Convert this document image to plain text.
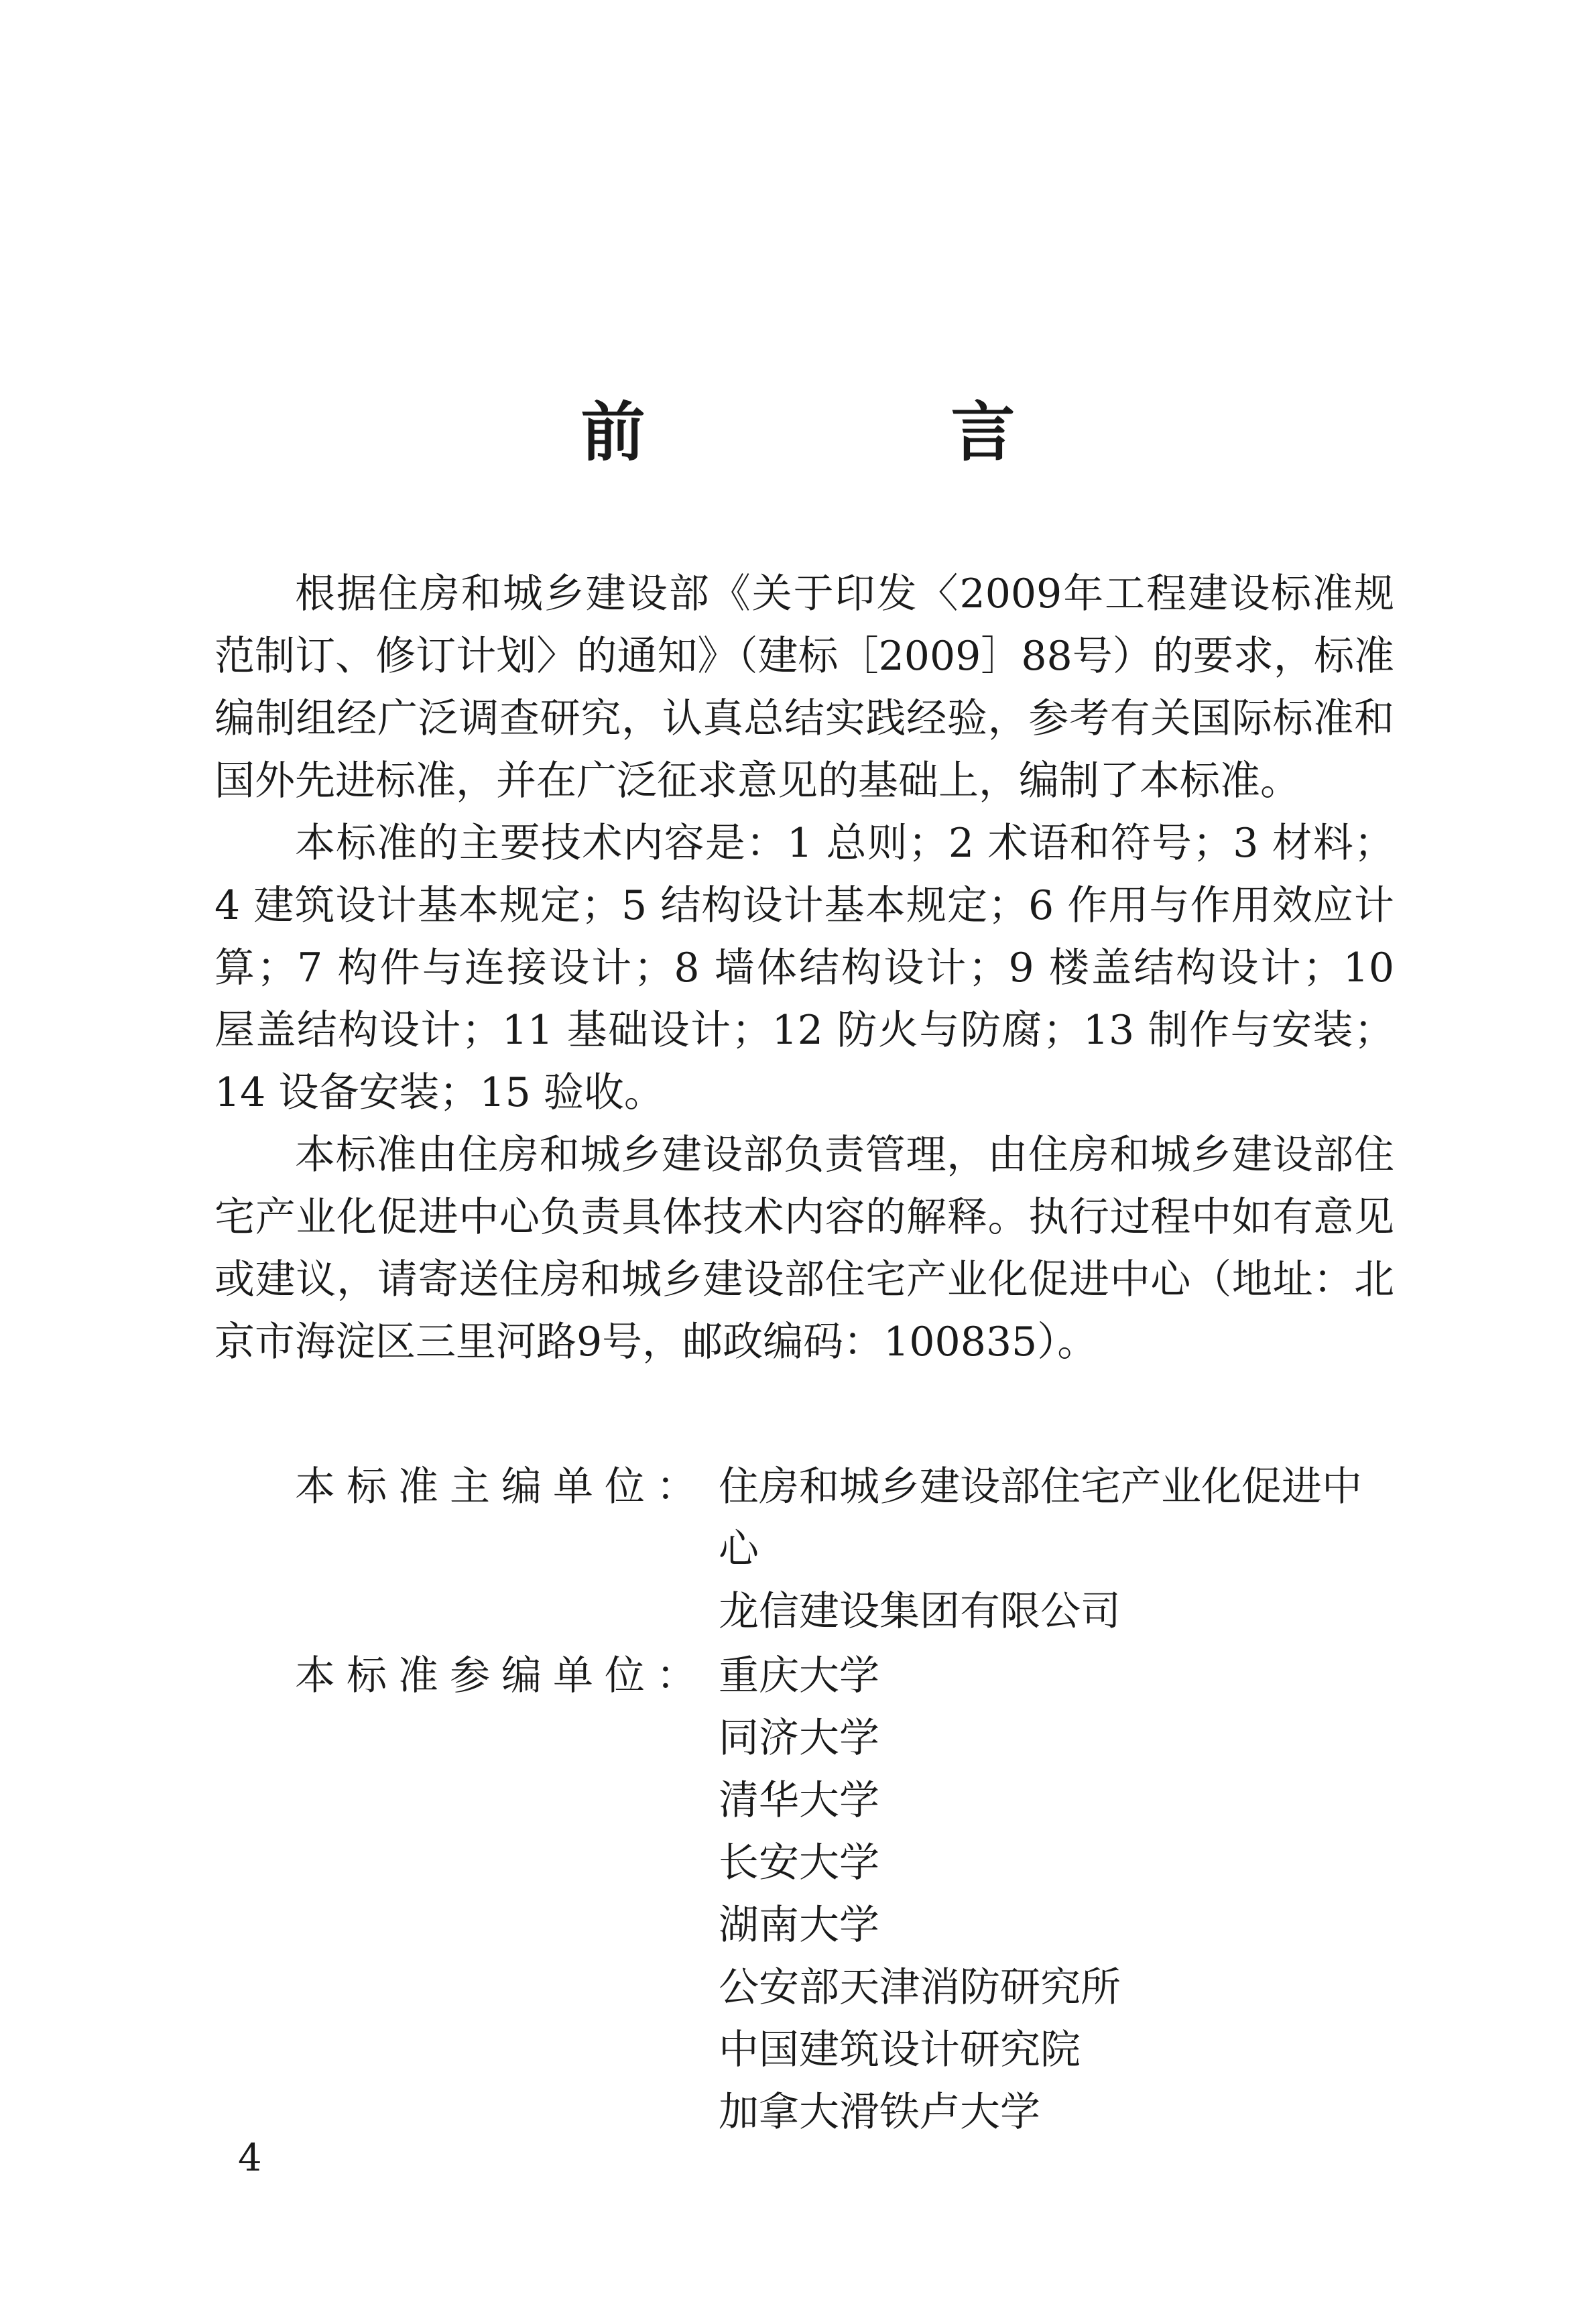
前　言

根据住房和城乡建设部《关于印发〈2009年工程建设标准规范制订、修订计划〉的通知》（建标［2009］88号）的要求，标准编制组经广泛调查研究，认真总结实践经验，参考有关国际标准和国外先进标准，并在广泛征求意见的基础上，编制了本标准。

本标准的主要技术内容是：1 总则；2 术语和符号；3 材料；4 建筑设计基本规定；5 结构设计基本规定；6 作用与作用效应计算；7 构件与连接设计；8 墙体结构设计；9 楼盖结构设计；10 屋盖结构设计；11 基础设计；12 防火与防腐；13 制作与安装；14 设备安装；15 验收。

本标准由住房和城乡建设部负责管理，由住房和城乡建设部住宅产业化促进中心负责具体技术内容的解释。执行过程中如有意见或建议，请寄送住房和城乡建设部住宅产业化促进中心（地址：北京市海淀区三里河路9号，邮政编码：100835）。

本标准主编单位： 住房和城乡建设部住宅产业化促进中心
龙信建设集团有限公司
本标准参编单位： 重庆大学
同济大学
清华大学
长安大学
湖南大学
公安部天津消防研究所
中国建筑设计研究院
加拿大滑铁卢大学
4
